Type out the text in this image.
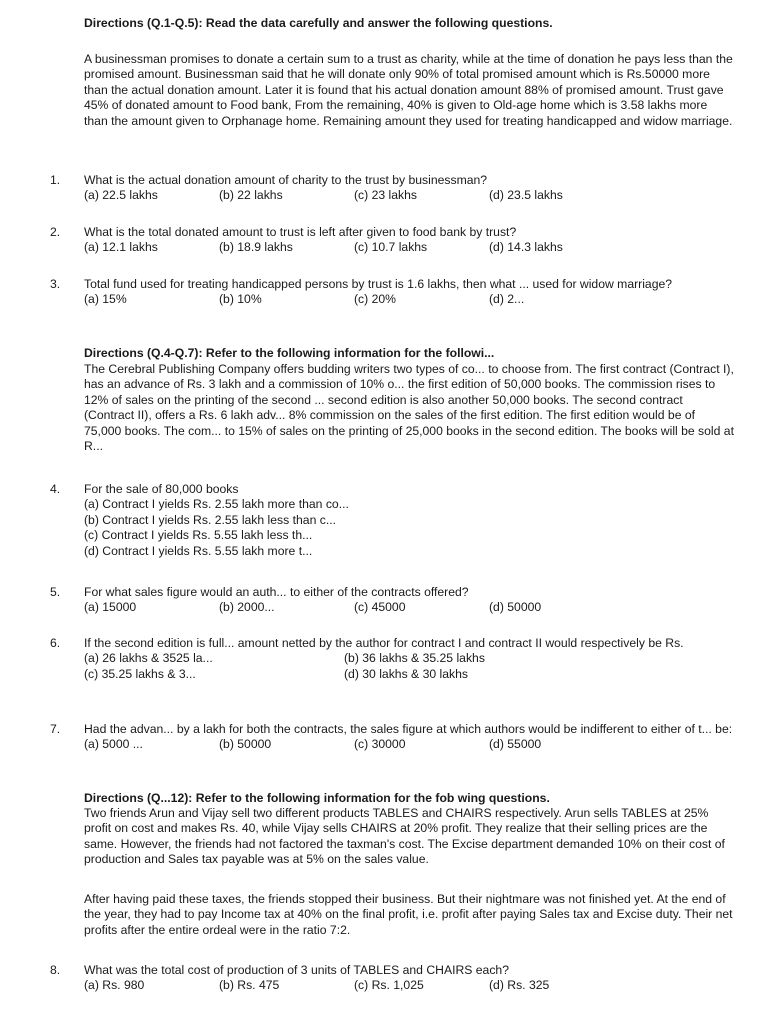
Directions (Q.1-Q.5): Read the data carefully and answer the following questions.

A businessman promises to donate a certain sum to a trust as charity, while at the time of donation he pays less than the promised amount. Businessman said that he will donate only 90% of total promised amount which is Rs.50000 more than the actual donation amount. Later it is found that his actual donation amount 88% of promised amount. Trust gave 45% of donated amount to Food bank, From the remaining, 40% is given to Old-age home which is 3.58 lakhs more than the amount given to Orphanage home. Remaining amount they used for treating handicapped and widow marriage.

1. What is the actual donation amount of charity to the trust by businessman?

(a) 22.5 lakhs	(b) 22 lakhs	(c) 23 lakhs	(d) 23.5 lakhs
2. What is the total donated amount to trust is left after given to food bank by trust?

(a) 12.1 lakhs	(b) 18.9 lakhs	(c) 10.7 lakhs	(d) 14.3 lakhs
3. Total fund used for treating handicapped persons by trust is 1.6 lakhs, then what ... used for widow marriage?

(a) 15%	(b) 10%	(c) 20%	(d) 2...
Directions (Q.4-Q.7): Refer to the following information for the followi...

The Cerebral Publishing Company offers budding writers two types of co... to choose from. The first contract (Contract I), has an advance of Rs. 3 lakh and a commission of 10% o... the first edition of 50,000 books. The commission rises to 12% of sales on the printing of the second ... second edition is also another 50,000 books. The second contract (Contract II), offers a Rs. 6 lakh adv... 8% commission on the sales of the first edition. The first edition would be of 75,000 books. The com... to 15% of sales on the printing of 25,000 books in the second edition. The books will be sold at R...

4. For the sale of 80,000 books

(a) Contract I yields Rs. 2.55 lakh more than co...
(b) Contract I yields Rs. 2.55 lakh less than c...
(c) Contract I yields Rs. 5.55 lakh less th...
(d) Contract I yields Rs. 5.55 lakh more t...
5. For what sales figure would an auth... to either of the contracts offered?

(a) 15000	(b) 2000...	(c) 45000	(d) 50000
6. If the second edition is full... amount netted by the author for contract I and contract II would respectively be Rs.

(a) 26 lakhs & 3525 la...	(b) 36 lakhs & 35.25 lakhs
(c) 35.25 lakhs & 3...	(d) 30 lakhs & 30 lakhs
7. Had the advan... by a lakh for both the contracts, the sales figure at which authors would be indifferent to either of t... be:

(a) 5000 ...	(b) 50000	(c) 30000	(d) 55000
Directions (Q...12): Refer to the following information for the fob wing questions.

Two friends Arun and Vijay sell two different products TABLES and CHAIRS respectively. Arun sells TABLES at 25% profit on cost and makes Rs. 40, while Vijay sells CHAIRS at 20% profit. They realize that their selling prices are the same. However, the friends had not factored the taxman's cost. The Excise department demanded 10% on their cost of production and Sales tax payable was at 5% on the sales value.

After having paid these taxes, the friends stopped their business. But their nightmare was not finished yet. At the end of the year, they had to pay Income tax at 40% on the final profit, i.e. profit after paying Sales tax and Excise duty. Their net profits after the entire ordeal were in the ratio 7:2.

8. What was the total cost of production of 3 units of TABLES and CHAIRS each?

(a) Rs. 980	(b) Rs. 475	(c) Rs. 1,025	(d) Rs. 325
